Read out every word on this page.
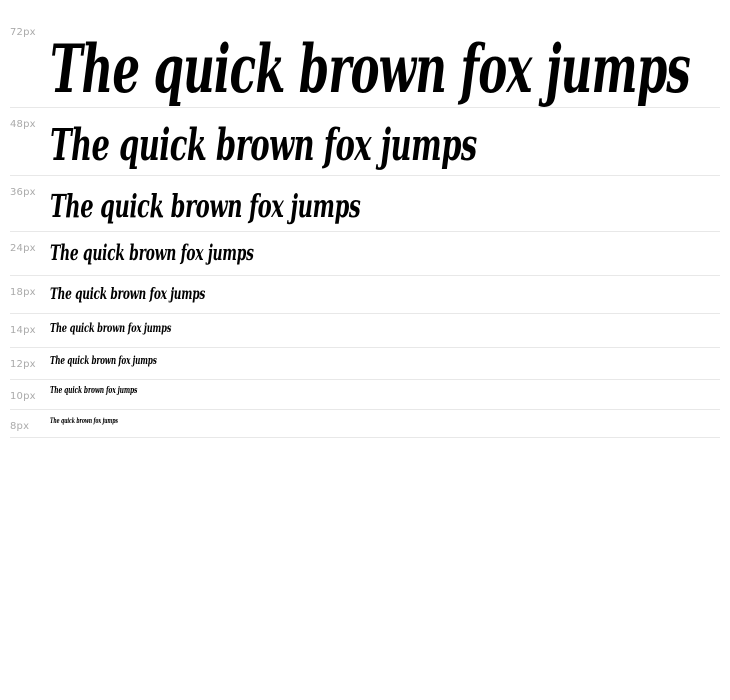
72px The quick brown fox jumps
48px The quick brown fox jumps
36px The quick brown fox jumps
24px The quick brown fox jumps
18px The quick brown fox jumps
14px The quick brown fox jumps
12px The quick brown fox jumps
10px The quick brown fox jumps
8px
The quick brown fox jumps
